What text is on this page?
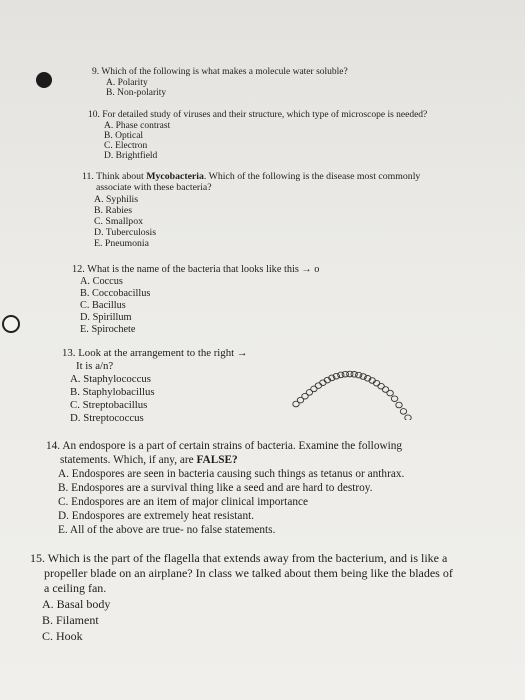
9. Which of the following is what makes a molecule water soluble?
A. Polarity
B. Non-polarity
10. For detailed study of viruses and their structure, which type of microscope is needed?
A. Phase contrast
B. Optical
C. Electron
D. Brightfield
11. Think about Mycobacteria. Which of the following is the disease most commonly
associate with these bacteria?
A. Syphilis
B. Rabies
C. Smallpox
D. Tuberculosis
E. Pneumonia
12. What is the name of the bacteria that looks like this → o
A. Coccus
B. Coccobacillus
C. Bacillus
D. Spirillum
E. Spirochete
13. Look at the arrangement to the right →
It is a/n?
A. Staphylococcus
B. Staphylobacillus
C. Streptobacillus
D. Streptococcus
14. An endospore is a part of certain strains of bacteria. Examine the following
statements. Which, if any, are FALSE?
A. Endospores are seen in bacteria causing such things as tetanus or anthrax.
B. Endospores are a survival thing like a seed and are hard to destroy.
C. Endospores are an item of major clinical importance
D. Endospores are extremely heat resistant.
E. All of the above are true- no false statements.
15. Which is the part of the flagella that extends away from the bacterium, and is like a
propeller blade on an airplane? In class we talked about them being like the blades of
a ceiling fan.
A. Basal body
B. Filament
C. Hook
